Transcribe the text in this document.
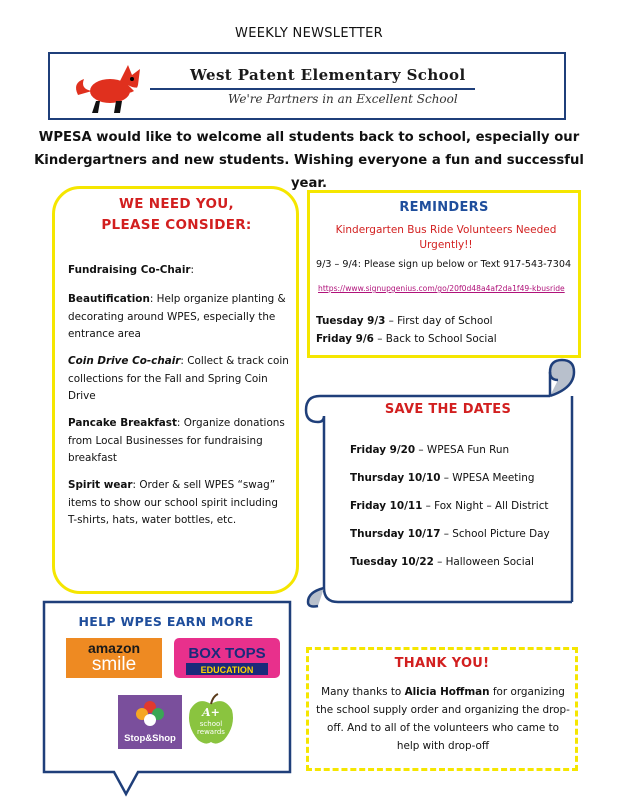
WEEKLY NEWSLETTER
West Patent Elementary School
We're Partners in an Excellent School
WPESA would like to welcome all students back to school, especially our
Kindergartners and new students. Wishing everyone a fun and successful year.
WE NEED YOU,
PLEASE CONSIDER:
Fundraising Co-Chair:
Beautification: Help organize planting & decorating around WPES, especially the entrance area
Coin Drive Co-chair: Collect & track coin collections for the Fall and Spring Coin Drive
Pancake Breakfast: Organize donations from Local Businesses for fundraising breakfast
Spirit wear: Order & sell WPES “swag” items to show our school spirit including T-shirts, hats, water bottles, etc.
REMINDERS
Kindergarten Bus Ride Volunteers Needed
Urgently!!
9/3 – 9/4: Please sign up below or Text 917-543-7304
https://www.signupgenius.com/go/20f0d48a4af2da1f49-kbusride
Tuesday 9/3 – First day of School
Friday 9/6 – Back to School Social
SAVE THE DATES
Friday 9/20 – WPESA Fun Run
Thursday 10/10 – WPESA Meeting
Friday 10/11 – Fox Night – All District
Thursday 10/17 – School Picture Day
Tuesday 10/22 – Halloween Social
HELP WPES EARN MORE
amazon
smile
BOX TOPS
EDUCATION
Stop&Shop
A+
school
rewards
THANK YOU!
Many thanks to Alicia Hoffman for organizing the school supply order and organizing the drop-off. And to all of the volunteers who came to help with drop-off
